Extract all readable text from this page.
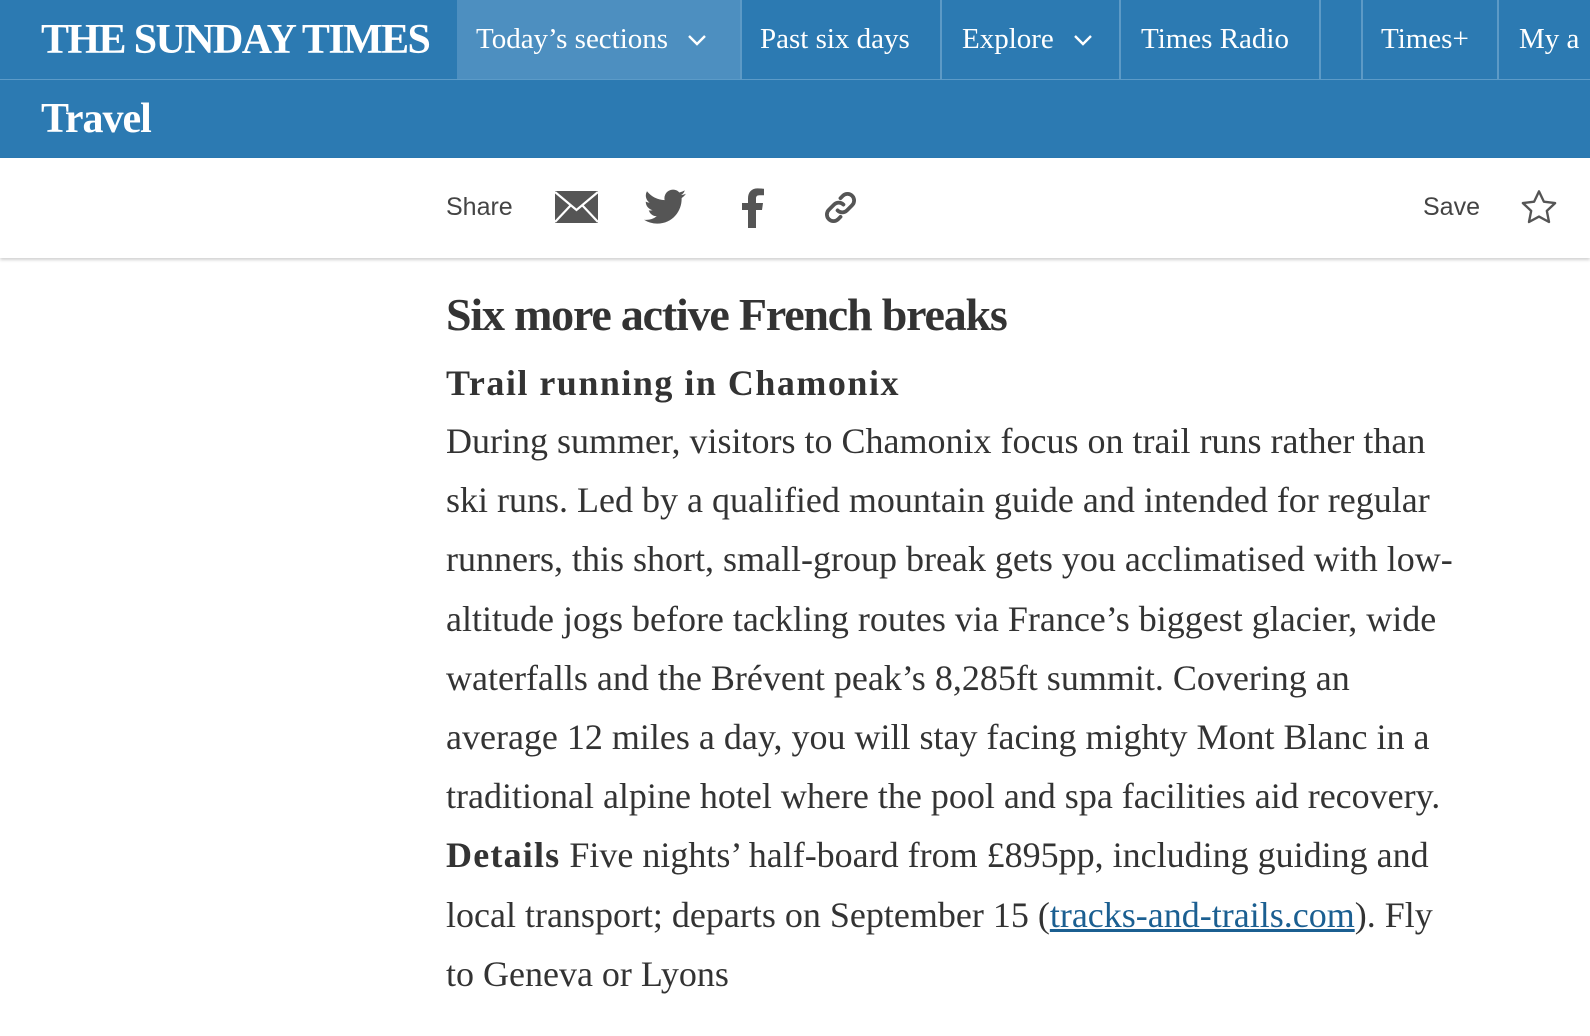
THE SUNDAY TIMES Today’s sections	Past six days Explore	Times Radio	Times+ My a
Travel
Share	Save
Six more active French breaks
Trail running in Chamonix
During summer, visitors to Chamonix focus on trail runs rather than
ski runs. Led by a qualified mountain guide and intended for regular
runners, this short, small-group break gets you acclimatised with low-
altitude jogs before tackling routes via France’s biggest glacier, wide
waterfalls and the Brévent peak’s 8,285ft summit. Covering an
average 12 miles a day, you will stay facing mighty Mont Blanc in a
traditional alpine hotel where the pool and spa facilities aid recovery.
Details Five nights’ half-board from £895pp, including guiding and
local transport; departs on September 15 (tracks-and-trails.com). Fly
to Geneva or Lyons
